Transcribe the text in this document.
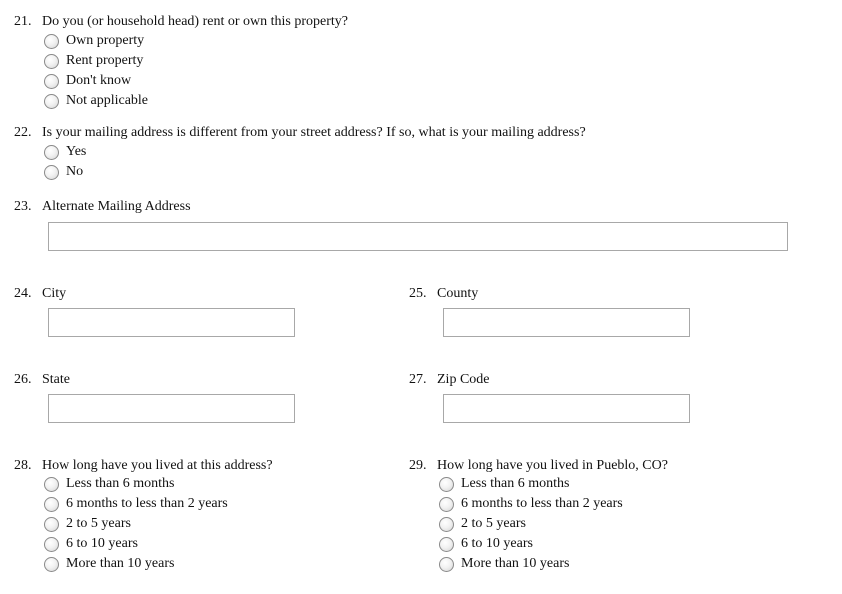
21. Do you (or household head) rent or own this property?
Own property
Rent property
Don't know
Not applicable
22. Is your mailing address is different from your street address? If so, what is your mailing address?
Yes
No
23. Alternate Mailing Address
24. City	25. County
26. State	27. Zip Code
28. How long have you lived at this address?
Less than 6 months
6 months to less than 2 years
2 to 5 years
6 to 10 years
More than 10 years
29. How long have you lived in Pueblo, CO?
Less than 6 months
6 months to less than 2 years
2 to 5 years
6 to 10 years
More than 10 years
